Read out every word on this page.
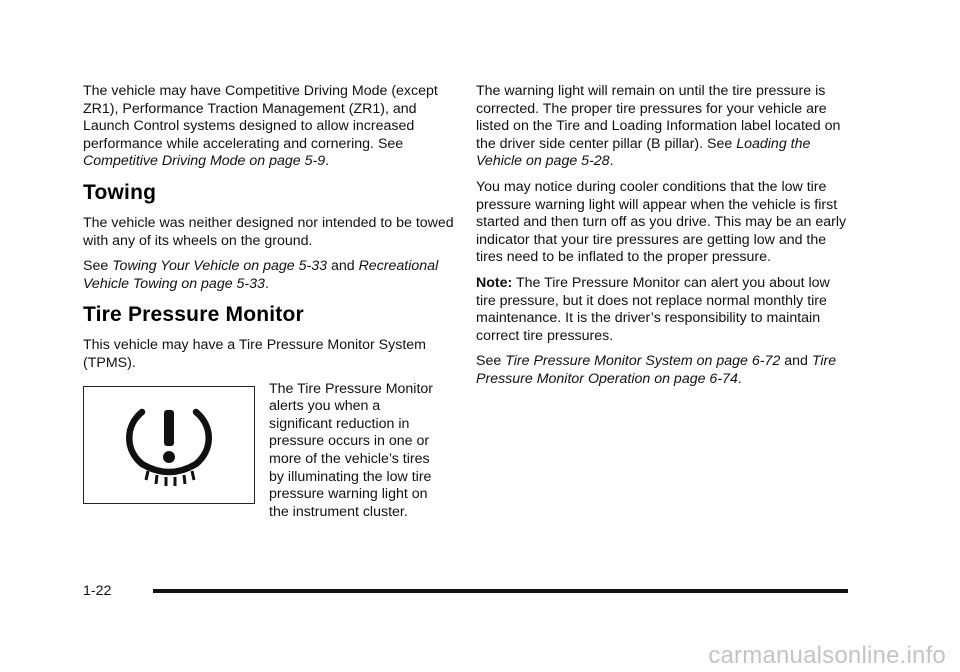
The vehicle may have Competitive Driving Mode (except ZR1), Performance Traction Management (ZR1), and Launch Control systems designed to allow increased performance while accelerating and cornering. See Competitive Driving Mode on page 5-9.

Towing

The vehicle was neither designed nor intended to be towed with any of its wheels on the ground.

See Towing Your Vehicle on page 5-33 and Recreational Vehicle Towing on page 5-33.

Tire Pressure Monitor

This vehicle may have a Tire Pressure Monitor System (TPMS).

The Tire Pressure Monitor alerts you when a significant reduction in pressure occurs in one or more of the vehicle’s tires by illuminating the low tire pressure warning light on the instrument cluster.

The warning light will remain on until the tire pressure is corrected. The proper tire pressures for your vehicle are listed on the Tire and Loading Information label located on the driver side center pillar (B pillar). See Loading the Vehicle on page 5-28.

You may notice during cooler conditions that the low tire pressure warning light will appear when the vehicle is first started and then turn off as you drive. This may be an early indicator that your tire pressures are getting low and the tires need to be inflated to the proper pressure.

Note: The Tire Pressure Monitor can alert you about low tire pressure, but it does not replace normal monthly tire maintenance. It is the driver’s responsibility to maintain correct tire pressures.

See Tire Pressure Monitor System on page 6-72 and Tire Pressure Monitor Operation on page 6-74.

1-22
carmanualsonline.info
